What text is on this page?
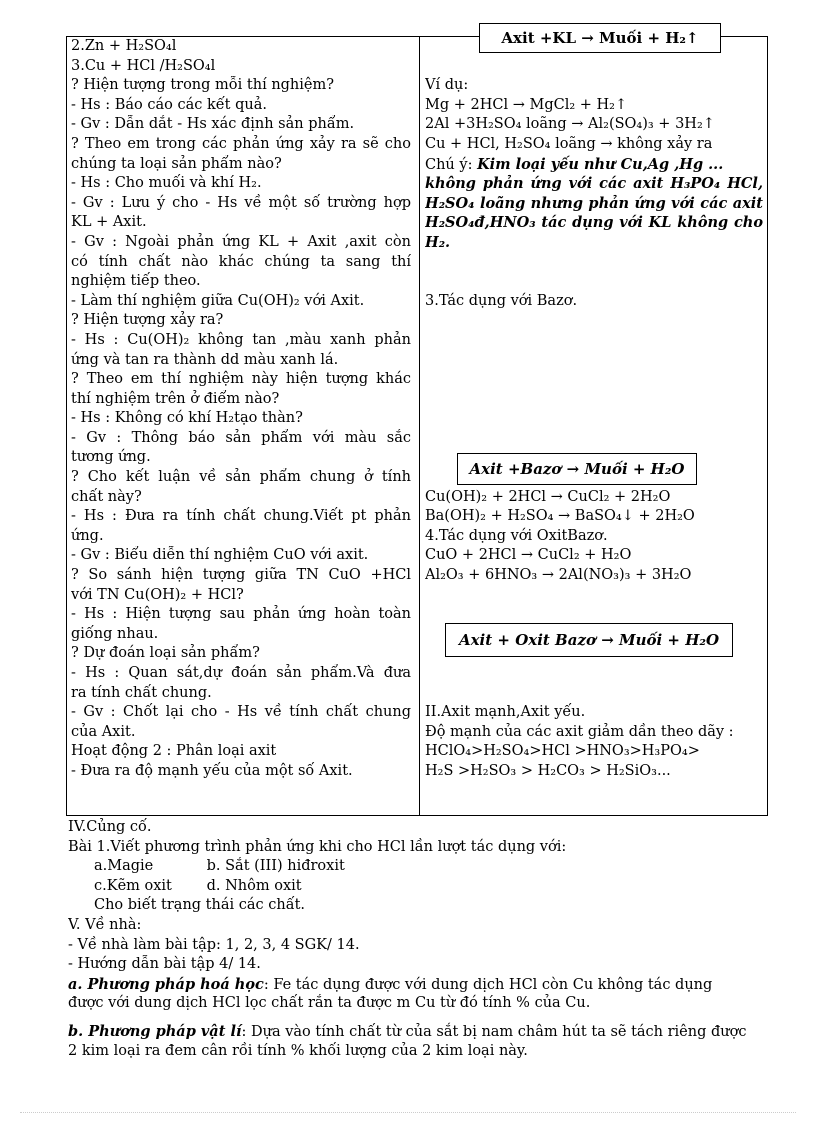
2.Zn + H₂SO₄l
3.Cu + HCl /H₂SO₄l
? Hiện tượng trong mỗi thí nghiệm?
- Hs : Báo cáo các kết quả.
- Gv : Dẫn dắt - Hs xác định sản phẩm.
? Theo em trong các phản ứng xảy ra sẽ cho
chúng ta loại sản phẩm nào?
- Hs : Cho muối và khí H₂.
- Gv : Lưu ý cho - Hs về một số trường hợp
KL + Axit.
- Gv : Ngoài phản ứng KL + Axit ,axit còn
có tính chất nào khác chúng ta sang thí
nghiệm tiếp theo.
- Làm thí nghiệm giữa Cu(OH)₂ với Axit.
? Hiện tượng xảy ra?
- Hs : Cu(OH)₂ không tan ,màu xanh phản
ứng và tan ra thành dd màu xanh lá.
? Theo em thí nghiệm này hiện tượng khác
thí nghiệm trên ở điểm nào?
- Hs : Không có khí H₂tạo thàn?
- Gv : Thông báo sản phẩm với màu sắc
tương ứng.
? Cho kết luận về sản phẩm chung ở tính
chất này?
- Hs : Đưa ra tính chất chung.Viết pt phản
ứng.
- Gv : Biểu diễn thí nghiệm CuO với axit.
? So sánh hiện tượng giữa TN CuO +HCl
với TN Cu(OH)₂ + HCl?
- Hs : Hiện tượng sau phản ứng hoàn toàn
giống nhau.
? Dự đoán loại sản phẩm?
- Hs : Quan sát,dự đoán sản phẩm.Và đưa
ra tính chất chung.
- Gv : Chốt lại cho - Hs về tính chất chung
của Axit.
Hoạt động 2 : Phân loại axit
- Đưa ra độ mạnh yếu của một số Axit.
Ví dụ:
Mg + 2HCl → MgCl₂ + H₂↑
2Al +3H₂SO₄ loãng → Al₂(SO₄)₃ + 3H₂↑
Cu + HCl, H₂SO₄ loãng → không xảy ra
Chú ý: Kim loại yếu như Cu,Ag ,Hg ...
không phản ứng với các axit H₃PO₄ HCl,
H₂SO₄ loãng nhưng phản ứng với các axit
H₂SO₄đ,HNO₃ tác dụng với KL không cho
H₂.
3.Tác dụng với Bazơ.
Cu(OH)₂ + 2HCl → CuCl₂ + 2H₂O
Ba(OH)₂ + H₂SO₄ → BaSO₄↓ + 2H₂O
4.Tác dụng với OxitBazơ.
CuO + 2HCl → CuCl₂ + H₂O
Al₂O₃ + 6HNO₃ → 2Al(NO₃)₃ + 3H₂O
II.Axit mạnh,Axit yếu.
Độ mạnh của các axit giảm dần theo dãy :
HClO₄>H₂SO₄>HCl >HNO₃>H₃PO₄>
H₂S >H₂SO₃ > H₂CO₃ > H₂SiO₃...
Axit +KL → Muối + H₂↑
Axit +Bazơ → Muối + H₂O
Axit + Oxit Bazơ → Muối + H₂O
IV.Củng cố.
Bài 1.Viết phương trình phản ứng khi cho HCl lần lượt tác dụng với:
a.Magie	b. Sắt (III) hiđroxit
c.Kẽm oxit d. Nhôm oxit
Cho biết trạng thái các chất.
V. Về nhà:
- Về nhà làm bài tập: 1, 2, 3, 4 SGK/ 14.
- Hướng dẫn bài tập 4/ 14.
a. Phương pháp hoá học: Fe tác dụng được với dung dịch HCl còn Cu không tác dụng
được với dung dịch HCl lọc chất rắn ta được m Cu từ đó tính % của Cu.
b. Phương pháp vật lí: Dựa vào tính chất từ của sắt bị nam châm hút ta sẽ tách riêng được
2 kim loại ra đem cân rồi tính % khối lượng của 2 kim loại này.
